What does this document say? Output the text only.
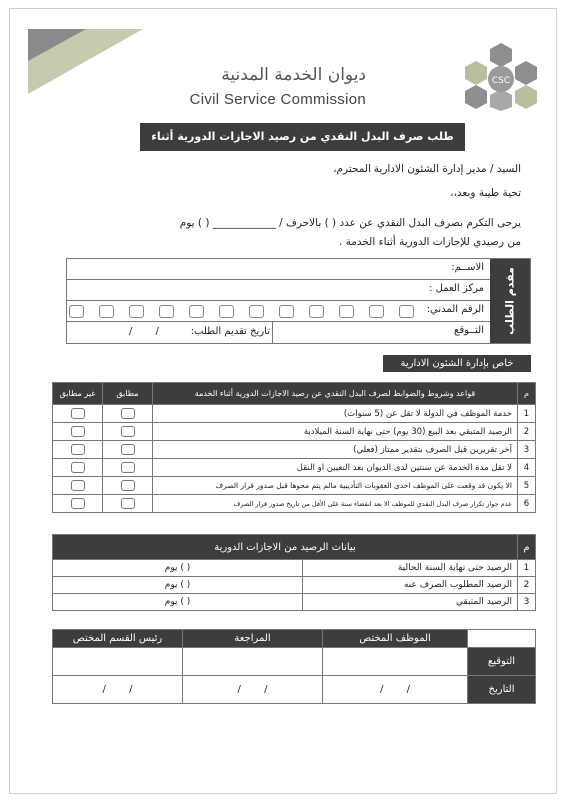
ديوان الخدمة المدنية
Civil Service Commission
CSC
طلب صرف البدل النقدي من رصيد الاجازات الدورية أثناء الخدمة	السيد / مدير إدارة الشئون الادارية
المحترم،
تحية طيبة وبعد،،
يرجى التكرم بصرف البدل النقدي عن عدد ( ) بالاحرف / ____________ ( ) يوم
من رصيدي للإجازات الدورية أثناء الخدمة .
مقدم الطلب
الاســم:
مركز العمل :
الرقم المدني:
التــوقع
تاريخ تقديم الطلب:
/ /
خاص بإدارة الشئون الادارية
غير مطابق	مطابق	قواعد وشروط والضوابط لصرف البدل النقدي عن رصيد الاجازات الدورية أثناء الخدمة	م
		خدمة الموظف في الدولة لا تقل عن (5 سنوات)	1
		الرصيد المتبقي بعد البيع (30 يوم) حتى نهاية السنة الميلادية	2
		آخر تقريرين قبل الصرف بتقدير ممتاز (فعلي)	3
		لا تقل مدة الخدمة عن سنتين لدى الديوان بعد التعيين او النقل	4
		الا يكون قد وقعت على الموظف احدى العقوبات التأديبية مالم يتم محوها قبل صدور قرار الصرف	5
		عدم جواز تكرار صرف البدل النقدي للموظف الا بعد انقضاء سنة على الأقل من تاريخ صدور قرار الصرف	6
بيانات الرصيد من الاجازات الدورية		م
( ) يوم	الرصيد حتى نهاية السنة الحالية	1
( ) يوم	الرصيد المطلوب الصرف عنه	2
( ) يوم	الرصيد المتبقي	3
رئيس القسم المختص	المراجعة	الموظف المختص	
			التوقيع
/ /	/ /	/ /	التاريخ
